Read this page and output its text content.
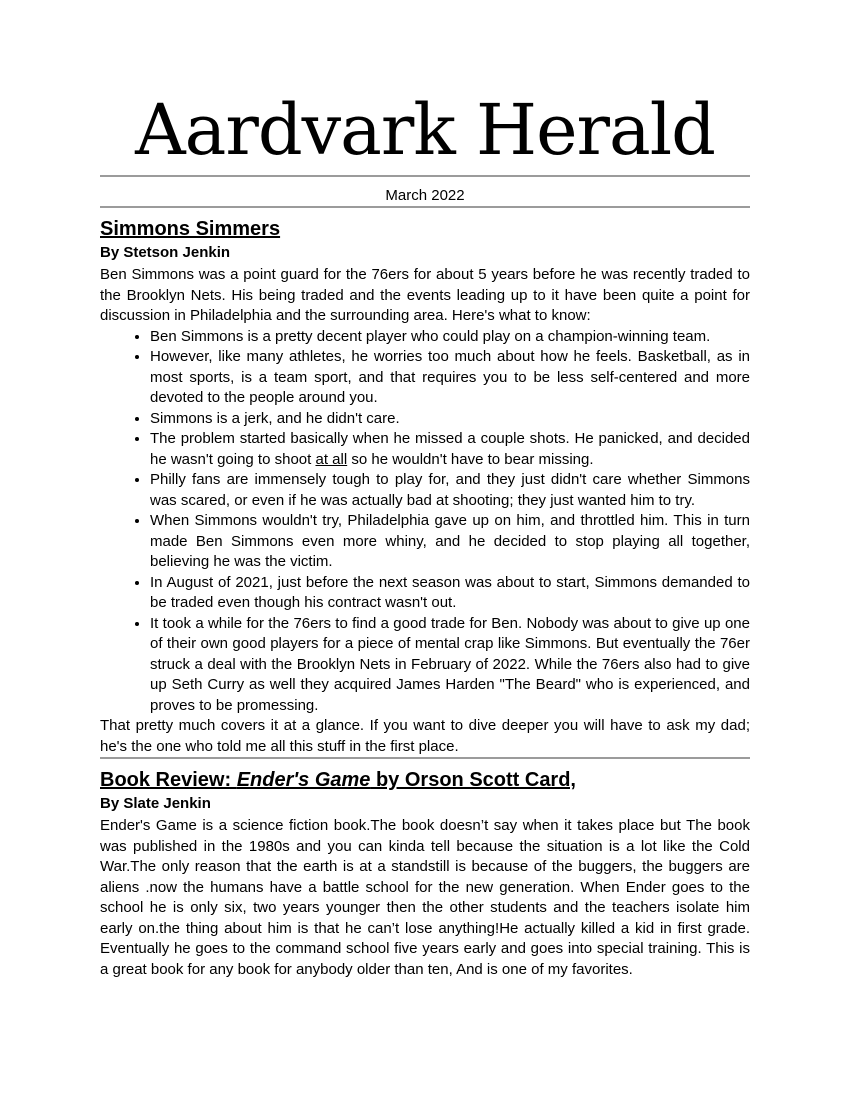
Aardvark Herald
March 2022
Simmons Simmers
By Stetson Jenkin

Ben Simmons was a point guard for the 76ers for about 5 years before he was recently traded to the Brooklyn Nets. His being traded and the events leading up to it have been quite a point for discussion in Philadelphia and the surrounding area. Here's what to know:

• Ben Simmons is a pretty decent player who could play on a champion-winning team.
• However, like many athletes, he worries too much about how he feels. Basketball, as in most sports, is a team sport, and that requires you to be less self-centered and more devoted to the people around you.
• Simmons is a jerk, and he didn't care.
• The problem started basically when he missed a couple shots. He panicked, and decided he wasn't going to shoot at all so he wouldn't have to bear missing.
• Philly fans are immensely tough to play for, and they just didn't care whether Simmons was scared, or even if he was actually bad at shooting; they just wanted him to try.
• When Simmons wouldn't try, Philadelphia gave up on him, and throttled him. This in turn made Ben Simmons even more whiny, and he decided to stop playing all together, believing he was the victim.
• In August of 2021, just before the next season was about to start, Simmons demanded to be traded even though his contract wasn't out.
• It took a while for the 76ers to find a good trade for Ben. Nobody was about to give up one of their own good players for a piece of mental crap like Simmons. But eventually the 76er struck a deal with the Brooklyn Nets in February of 2022. While the 76ers also had to give up Seth Curry as well they acquired James Harden "The Beard" who is experienced, and proves to be promessing.

That pretty much covers it at a glance. If you want to dive deeper you will have to ask my dad; he's the one who told me all this stuff in the first place.

Book Review: Ender's Game by Orson Scott Card,
By Slate Jenkin

Ender's Game is a science fiction book.The book doesn’t say when it takes place but The book was published in the 1980s and you can kinda tell because the situation is a lot like the Cold War.The only reason that the earth is at a standstill is because of the buggers, the buggers are aliens .now the humans have a battle school for the new generation. When Ender goes to the school he is only six, two years younger then the other students and the teachers isolate him early on.the thing about him is that he can’t lose anything!He actually killed a kid in first grade. Eventually he goes to the command school five years early and goes into special training. This is a great book for any book for anybody older than ten, And is one of my favorites.
